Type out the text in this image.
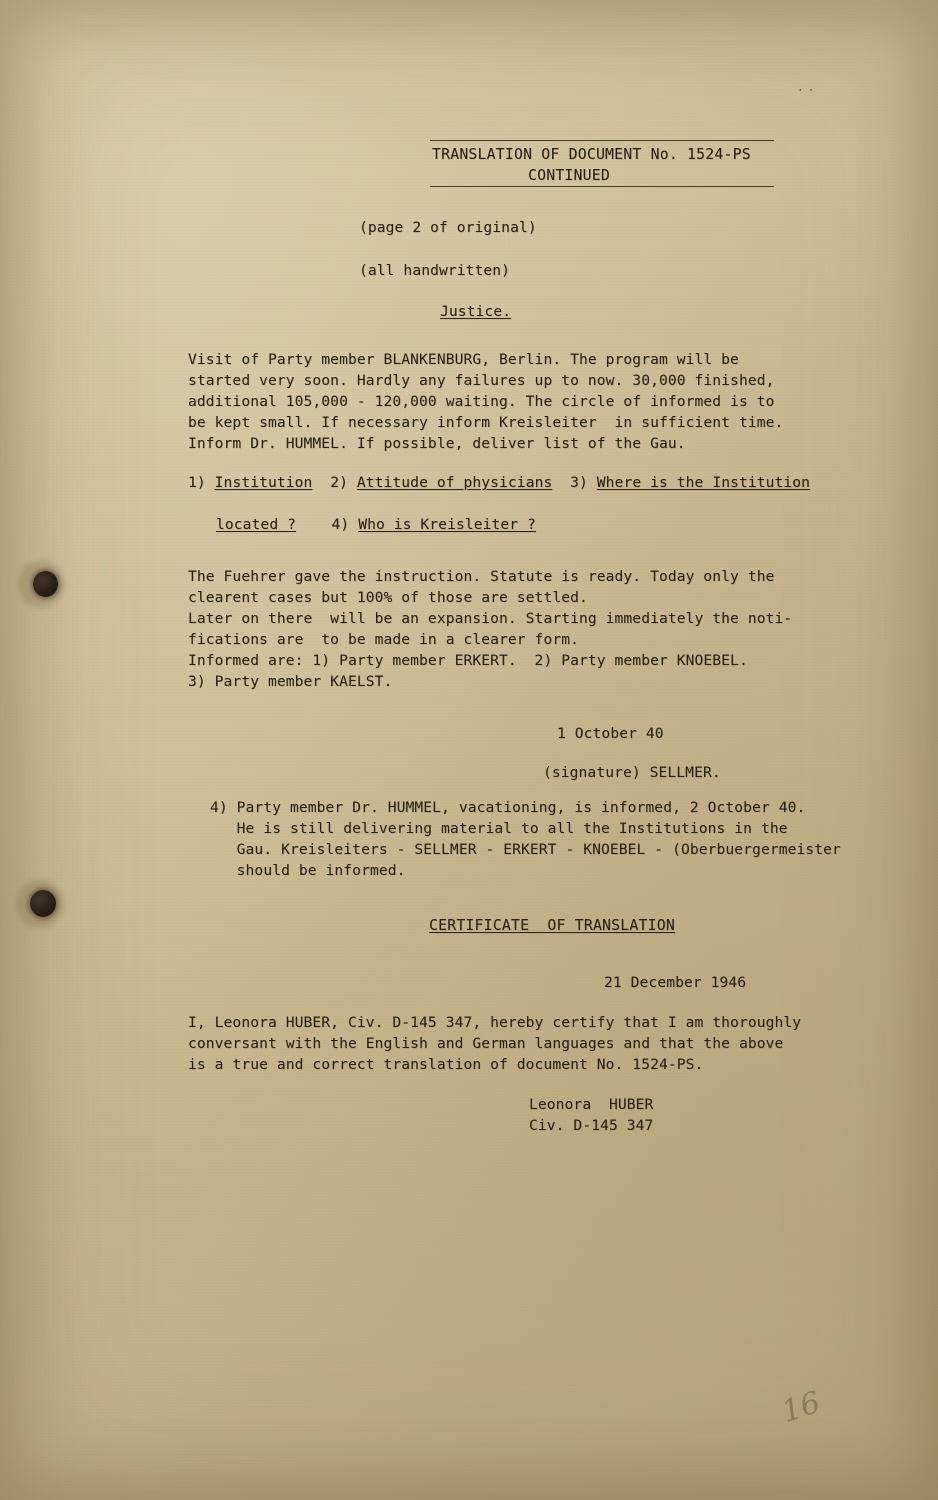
..
TRANSLATION OF DOCUMENT No. 1524-PS
CONTINUED
(page 2 of original)
(all handwritten)
Justice.
Visit of Party member BLANKENBURG, Berlin. The program will be
started very soon. Hardly any failures up to now. 30,000 finished,
additional 105,000 - 120,000 waiting. The circle of informed is to
be kept small. If necessary inform Kreisleiter  in sufficient time.
Inform Dr. HUMMEL. If possible, deliver list of the Gau.
1) Institution  2) Attitude of physicians  3) Where is the Institution
located ?    4) Who is Kreisleiter ?
The Fuehrer gave the instruction. Statute is ready. Today only the
clearent cases but 100% of those are settled.
Later on there  will be an expansion. Starting immediately the noti-
fications are  to be made in a clearer form.
Informed are: 1) Party member ERKERT.  2) Party member KNOEBEL.
3) Party member KAELST.
1 October 40
(signature) SELLMER.
4) Party member Dr. HUMMEL, vacationing, is informed, 2 October 40.
He is still delivering material to all the Institutions in the
Gau. Kreisleiters - SELLMER - ERKERT - KNOEBEL - (Oberbuergermeister
should be informed.
CERTIFICATE  OF TRANSLATION
21 December 1946
I, Leonora HUBER, Civ. D-145 347, hereby certify that I am thoroughly
conversant with the English and German languages and that the above
is a true and correct translation of document No. 1524-PS.
Leonora  HUBER
Civ. D-145 347
16
